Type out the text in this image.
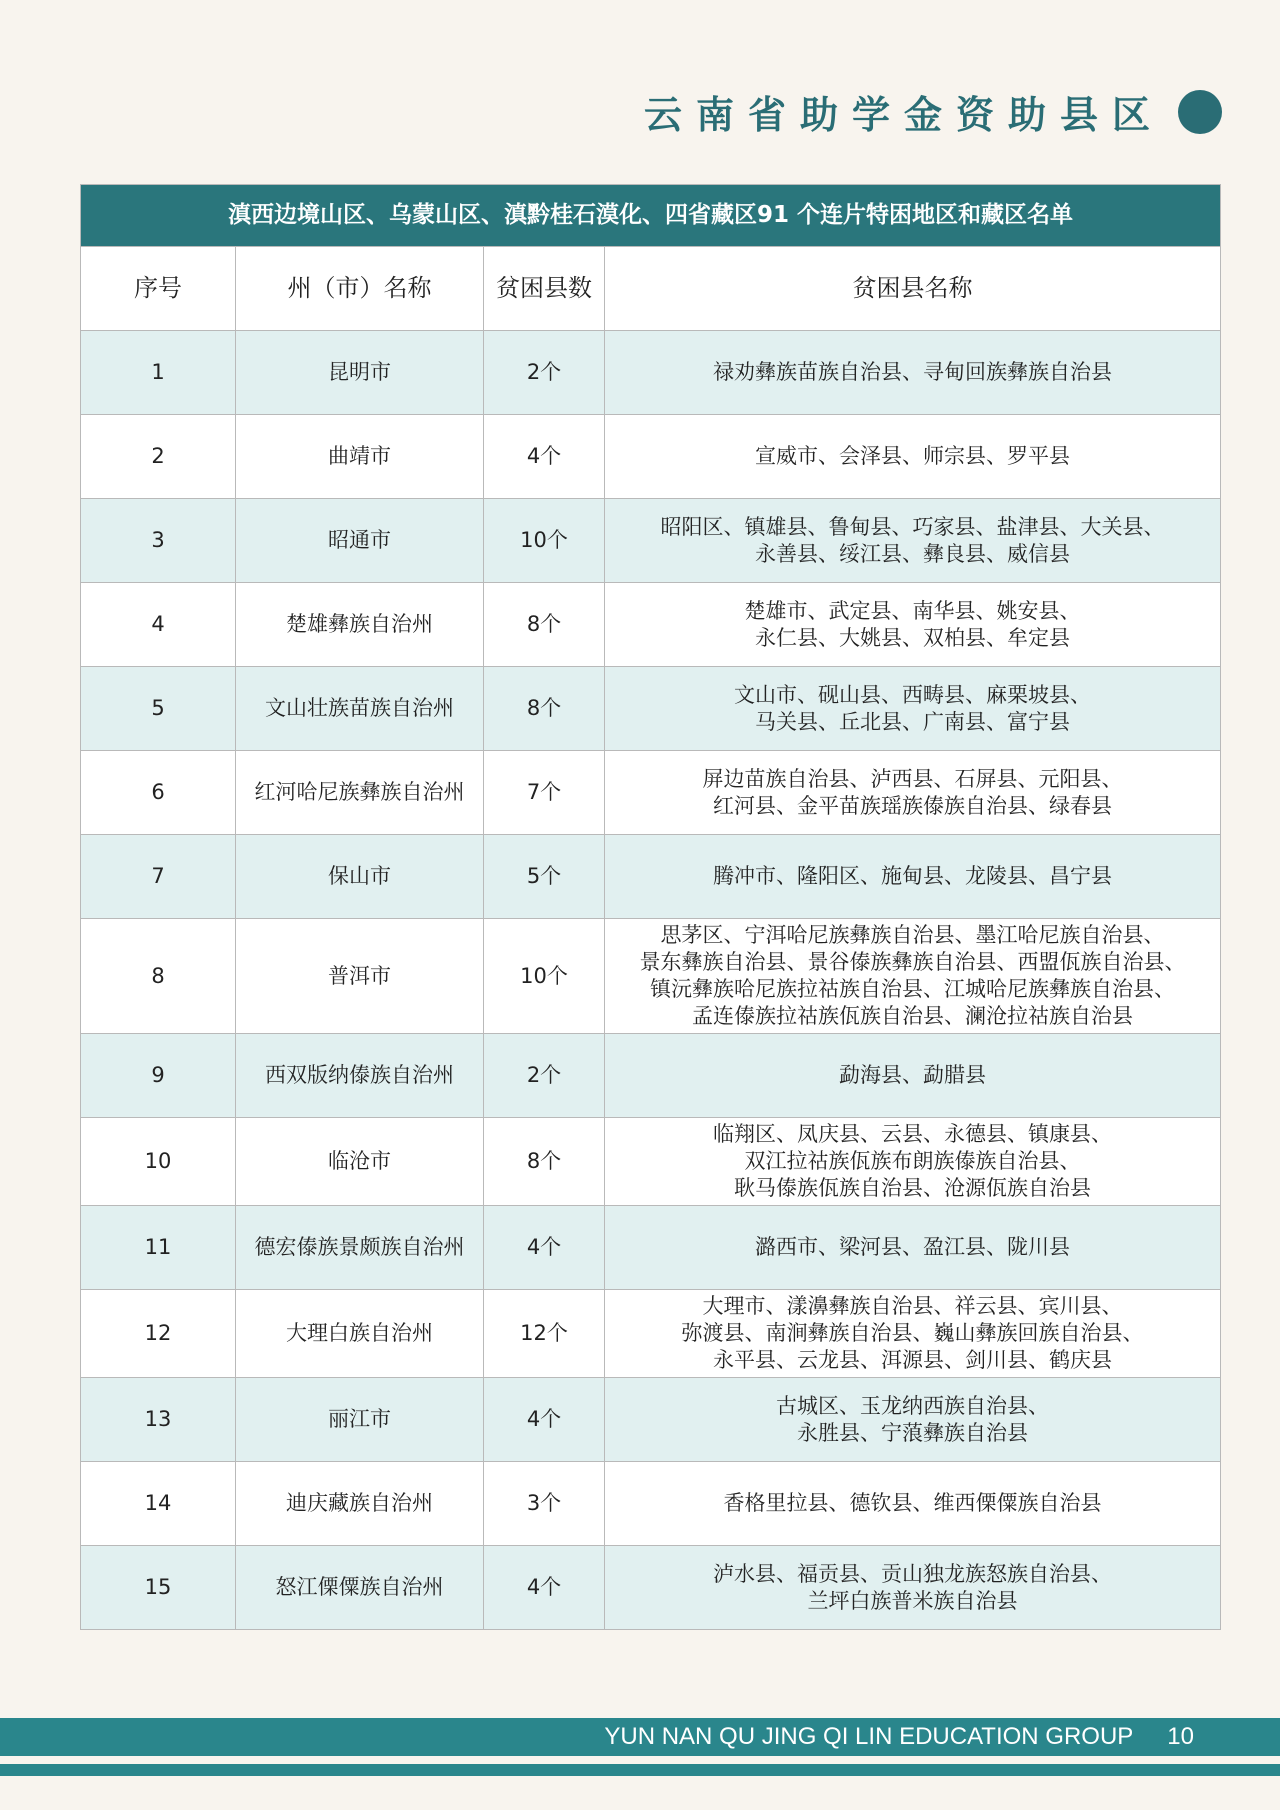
云南省助学金资助县区
滇西边境山区、乌蒙山区、滇黔桂石漠化、四省藏区91 个连片特困地区和藏区名单			
序号	州（市）名称	贫困县数	贫困县名称
1	昆明市	2个	禄劝彝族苗族自治县、寻甸回族彝族自治县

2	曲靖市	4个	宣威市、会泽县、师宗县、罗平县

3	昭通市	10个	昭阳区、镇雄县、鲁甸县、巧家县、盐津县、大关县、
永善县、绥江县、彝良县、威信县

4	楚雄彝族自治州	8个	楚雄市、武定县、南华县、姚安县、
永仁县、大姚县、双柏县、牟定县

5	文山壮族苗族自治州	8个	文山市、砚山县、西畴县、麻栗坡县、
马关县、丘北县、广南县、富宁县

6	红河哈尼族彝族自治州	7个	屏边苗族自治县、泸西县、石屏县、元阳县、
红河县、金平苗族瑶族傣族自治县、绿春县

7	保山市	5个	腾冲市、隆阳区、施甸县、龙陵县、昌宁县

8	普洱市	10个	思茅区、宁洱哈尼族彝族自治县、墨江哈尼族自治县、
景东彝族自治县、景谷傣族彝族自治县、西盟佤族自治县、
镇沅彝族哈尼族拉祜族自治县、江城哈尼族彝族自治县、
孟连傣族拉祜族佤族自治县、澜沧拉祜族自治县

9	西双版纳傣族自治州	2个	勐海县、勐腊县

10	临沧市	8个	临翔区、凤庆县、云县、永德县、镇康县、
双江拉祜族佤族布朗族傣族自治县、
耿马傣族佤族自治县、沧源佤族自治县

11	德宏傣族景颇族自治州	4个	潞西市、梁河县、盈江县、陇川县

12	大理白族自治州	12个	大理市、漾濞彝族自治县、祥云县、宾川县、
弥渡县、南涧彝族自治县、巍山彝族回族自治县、
永平县、云龙县、洱源县、剑川县、鹤庆县

13	丽江市	4个	古城区、玉龙纳西族自治县、
永胜县、宁蒗彝族自治县

14	迪庆藏族自治州	3个	香格里拉县、德钦县、维西傈僳族自治县

15	怒江傈僳族自治州	4个	泸水县、福贡县、贡山独龙族怒族自治县、
兰坪白族普米族自治县
YUN NAN QU JING QI LIN EDUCATION GROUP 10
